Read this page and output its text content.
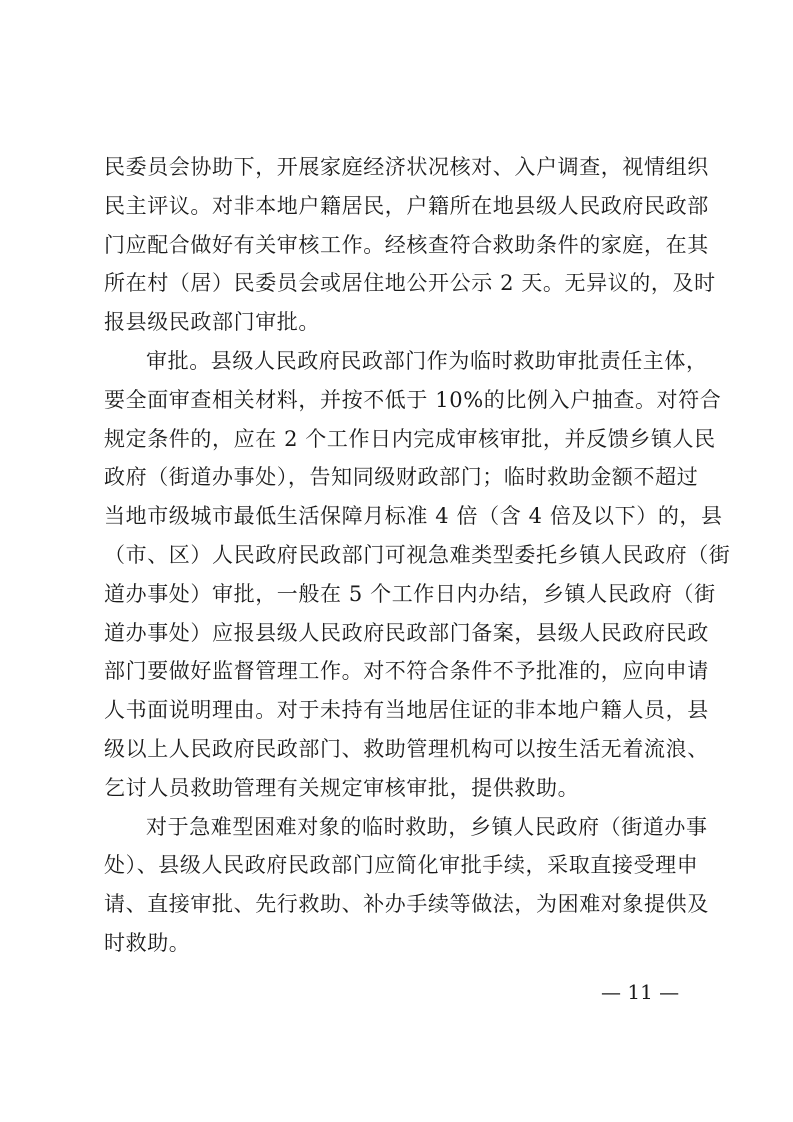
民委员会协助下，开展家庭经济状况核对、入户调查，视情组织
民主评议。对非本地户籍居民，户籍所在地县级人民政府民政部
门应配合做好有关审核工作。经核查符合救助条件的家庭，在其
所在村（居）民委员会或居住地公开公示 2 天。无异议的，及时
报县级民政部门审批。
审批。县级人民政府民政部门作为临时救助审批责任主体，
要全面审查相关材料，并按不低于 10%的比例入户抽查。对符合
规定条件的，应在 2 个工作日内完成审核审批，并反馈乡镇人民
政府（街道办事处），告知同级财政部门；临时救助金额不超过
当地市级城市最低生活保障月标准 4 倍（含 4 倍及以下）的，县
（市、区）人民政府民政部门可视急难类型委托乡镇人民政府（街
道办事处）审批，一般在 5 个工作日内办结，乡镇人民政府（街
道办事处）应报县级人民政府民政部门备案，县级人民政府民政
部门要做好监督管理工作。对不符合条件不予批准的，应向申请
人书面说明理由。对于未持有当地居住证的非本地户籍人员，县
级以上人民政府民政部门、救助管理机构可以按生活无着流浪、
乞讨人员救助管理有关规定审核审批，提供救助。
对于急难型困难对象的临时救助，乡镇人民政府（街道办事
处）、县级人民政府民政部门应简化审批手续，采取直接受理申
请、直接审批、先行救助、补办手续等做法，为困难对象提供及
时救助。
— 11 —
